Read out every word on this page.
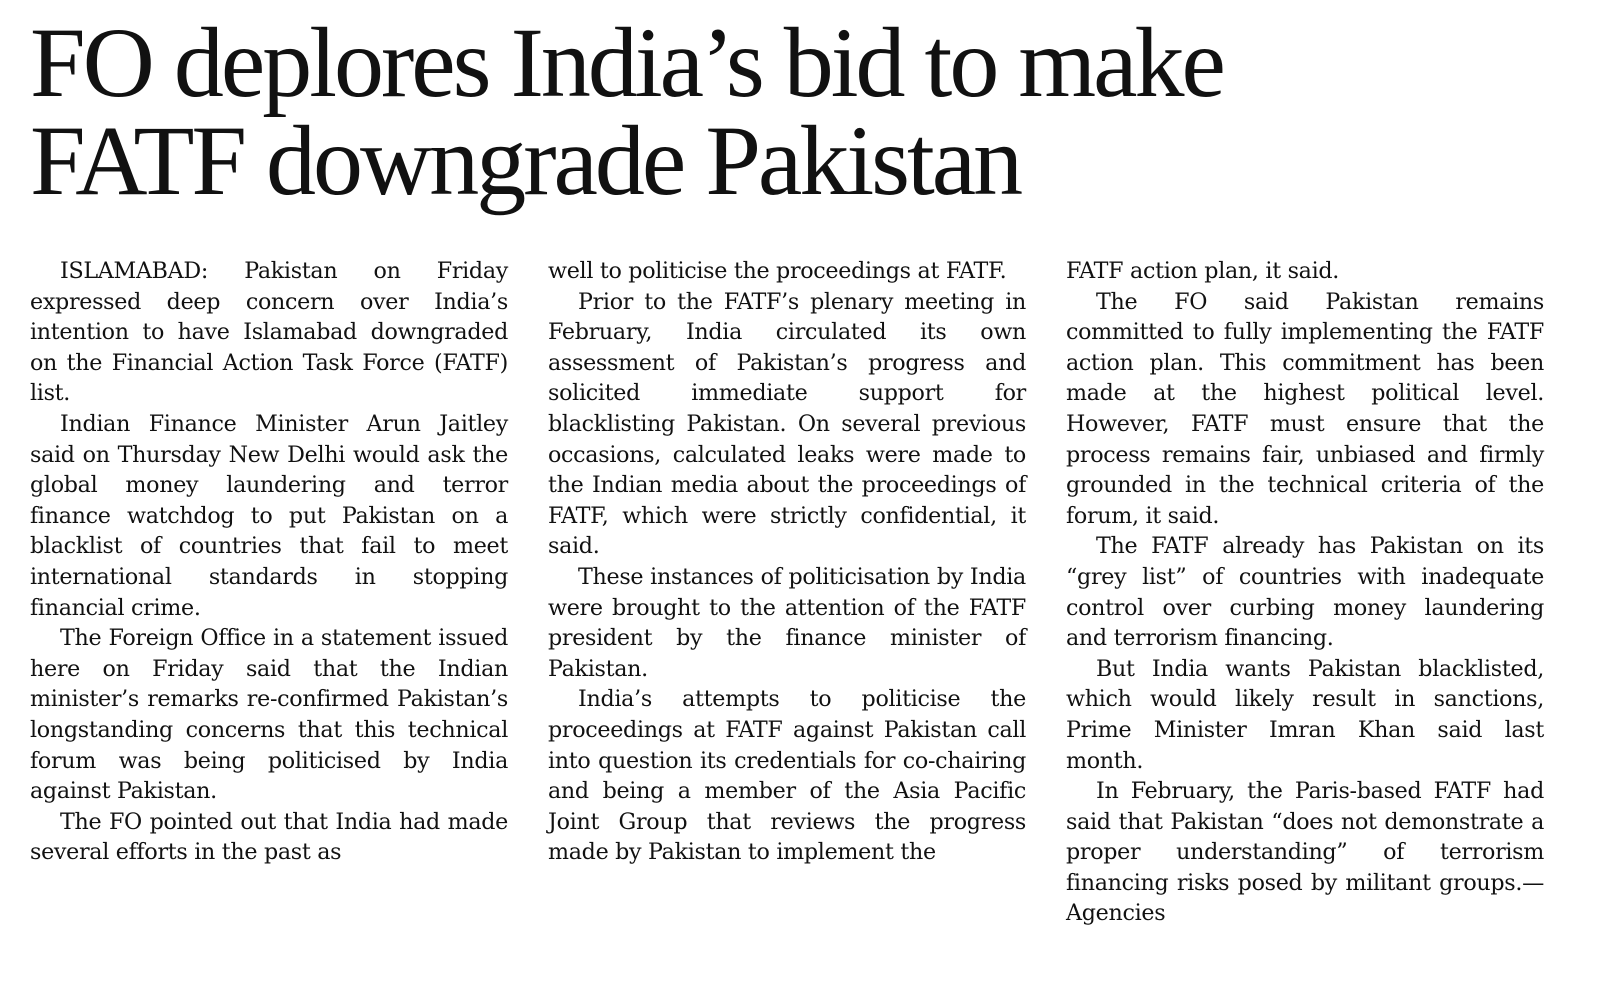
FO deplores India’s bid to make
FATF downgrade Pakistan

ISLAMABAD: Pakistan on Friday expressed deep concern over India’s intention to have Islamabad downgraded on the Financial Action Task Force (FATF) list.

Indian Finance Minister Arun Jaitley said on Thursday New Delhi would ask the global money laundering and terror finance watchdog to put Pakistan on a blacklist of countries that fail to meet international standards in stopping financial crime.

The Foreign Office in a statement issued here on Friday said that the Indian minister’s remarks re-confirmed Pakistan’s longstanding concerns that this technical forum was being politicised by India against Pakistan.

The FO pointed out that India had made several efforts in the past as

well to politicise the proceedings at FATF.

Prior to the FATF’s plenary meeting in February, India circulated its own assessment of Pakistan’s progress and solicited immediate support for blacklisting Pakistan. On several previous occasions, calculated leaks were made to the Indian media about the proceedings of FATF, which were strictly confidential, it said.

These instances of politicisation by India were brought to the attention of the FATF president by the finance minister of Pakistan.

India’s attempts to politicise the proceedings at FATF against Pakistan call into question its credentials for co-chairing and being a member of the Asia Pacific Joint Group that reviews the progress made by Pakistan to implement the

FATF action plan, it said.

The FO said Pakistan remains committed to fully implementing the FATF action plan. This commitment has been made at the highest political level. However, FATF must ensure that the process remains fair, unbiased and firmly grounded in the technical criteria of the forum, it said.

The FATF already has Pakistan on its “grey list” of countries with inadequate control over curbing money laundering and terrorism financing.

But India wants Pakistan blacklisted, which would likely result in sanctions, Prime Minister Imran Khan said last month.

In February, the Paris-based FATF had said that Pakistan “does not demonstrate a proper understanding” of terrorism financing risks posed by militant groups.—Agencies
